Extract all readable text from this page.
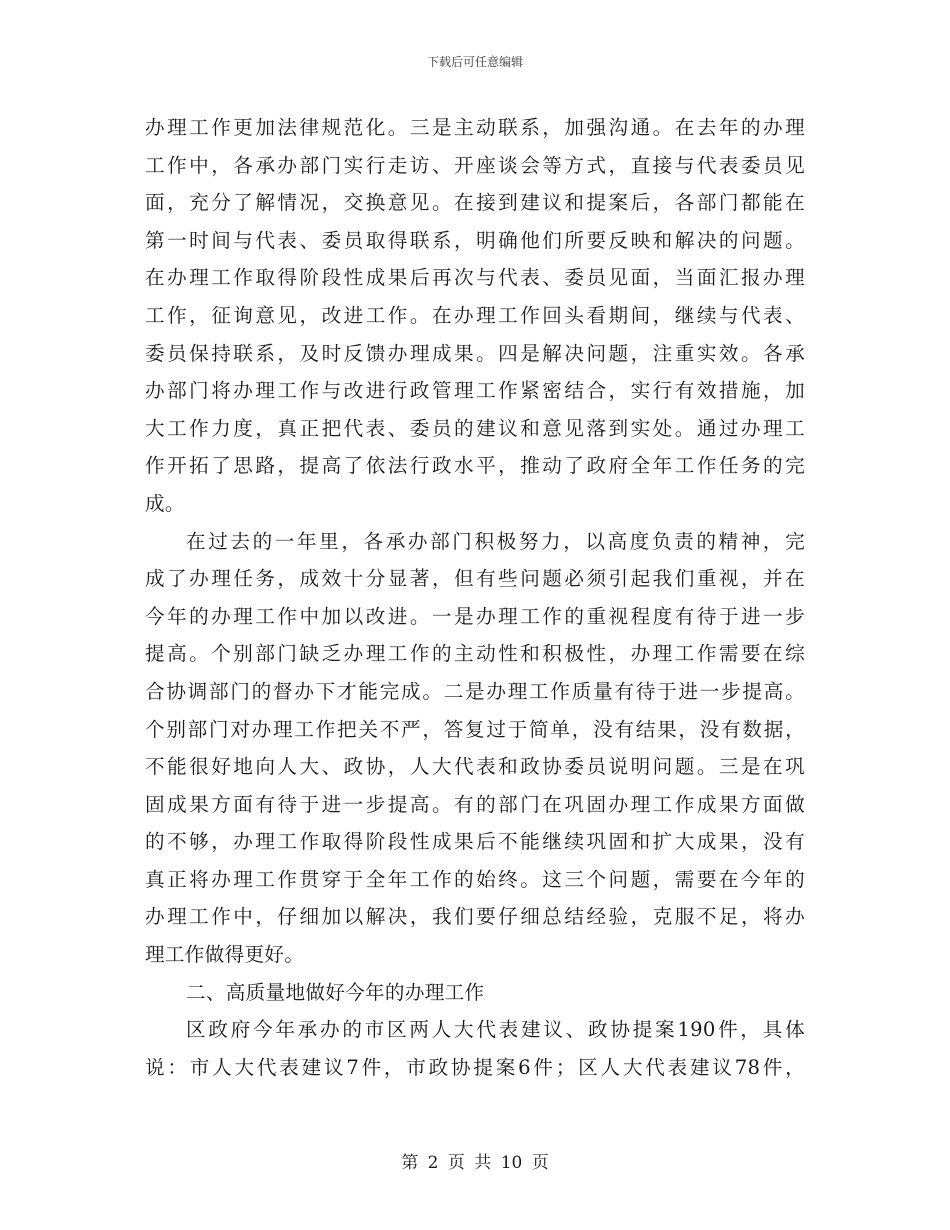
下载后可任意编辑
办理工作更加法律规范化。三是主动联系，加强沟通。在去年的办理
工作中，各承办部门实行走访、开座谈会等方式，直接与代表委员见
面，充分了解情况，交换意见。在接到建议和提案后，各部门都能在
第一时间与代表、委员取得联系，明确他们所要反映和解决的问题。
在办理工作取得阶段性成果后再次与代表、委员见面，当面汇报办理
工作，征询意见，改进工作。在办理工作回头看期间，继续与代表、
委员保持联系，及时反馈办理成果。四是解决问题，注重实效。各承
办部门将办理工作与改进行政管理工作紧密结合，实行有效措施，加
大工作力度，真正把代表、委员的建议和意见落到实处。通过办理工
作开拓了思路，提高了依法行政水平，推动了政府全年工作任务的完
成。
在过去的一年里，各承办部门积极努力，以高度负责的精神，完
成了办理任务，成效十分显著，但有些问题必须引起我们重视，并在
今年的办理工作中加以改进。一是办理工作的重视程度有待于进一步
提高。个别部门缺乏办理工作的主动性和积极性，办理工作需要在综
合协调部门的督办下才能完成。二是办理工作质量有待于进一步提高。
个别部门对办理工作把关不严，答复过于简单，没有结果，没有数据，
不能很好地向人大、政协，人大代表和政协委员说明问题。三是在巩
固成果方面有待于进一步提高。有的部门在巩固办理工作成果方面做
的不够，办理工作取得阶段性成果后不能继续巩固和扩大成果，没有
真正将办理工作贯穿于全年工作的始终。这三个问题，需要在今年的
办理工作中，仔细加以解决，我们要仔细总结经验，克服不足，将办
理工作做得更好。
二、高质量地做好今年的办理工作
区政府今年承办的市区两人大代表建议、政协提案190件，具体
说：市人大代表建议7件，市政协提案6件；区人大代表建议78件，
第 2 页 共 10 页
